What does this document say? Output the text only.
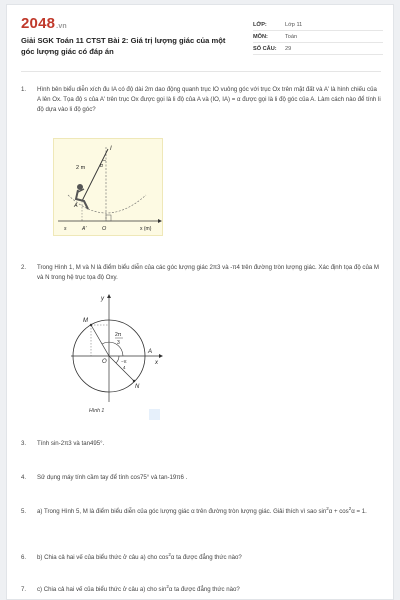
2048.vn
Giải SGK Toán 11 CTST Bài 2: Giá trị lượng giác của một góc lượng giác có đáp án
LỚP:	Lớp 11
MÔN:	Toán
SỐ CÂU:	29
1.	Hình bên biểu diễn xích đu IA có độ dài 2m dao động quanh trục IO vuông góc với trục Ox trên mặt đất và A' là hình chiếu của A lên Ox. Tọa độ s của A' trên trục Ox được gọi là li độ của A và (IO, IA) = α được gọi là li độ góc của A. Làm cách nào để tính li độ dựa vào li độ góc?
I
α
2 m
A
O
s	A'	x (m)
2.	Trong Hình 1, M và N là điểm biểu diễn của các góc lượng giác 2π3 và -π4 trên đường tròn lượng giác. Xác định tọa độ của M và N trong hệ trục tọa độ Oxy.
M
N
A
O	x
y
2π
3
−π
4
Hình 1
3.	Tính sin-2π3 và tan495°.
4.	Sử dụng máy tính cầm tay để tính cos75° và tan-19π6 .
5.	a) Trong Hình 5, M là điểm biểu diễn của góc lượng giác α trên đường tròn lượng giác. Giải thích vì sao $\sin^2\alpha + \cos^2\alpha = 1$.
6.	b) Chia cả hai vế của biểu thức ở câu a) cho $\cos^2\alpha$ ta được đẳng thức nào?
7.	c) Chia cả hai vế của biểu thức ở câu a) cho $\sin^2\alpha$ ta được đẳng thức nào?
